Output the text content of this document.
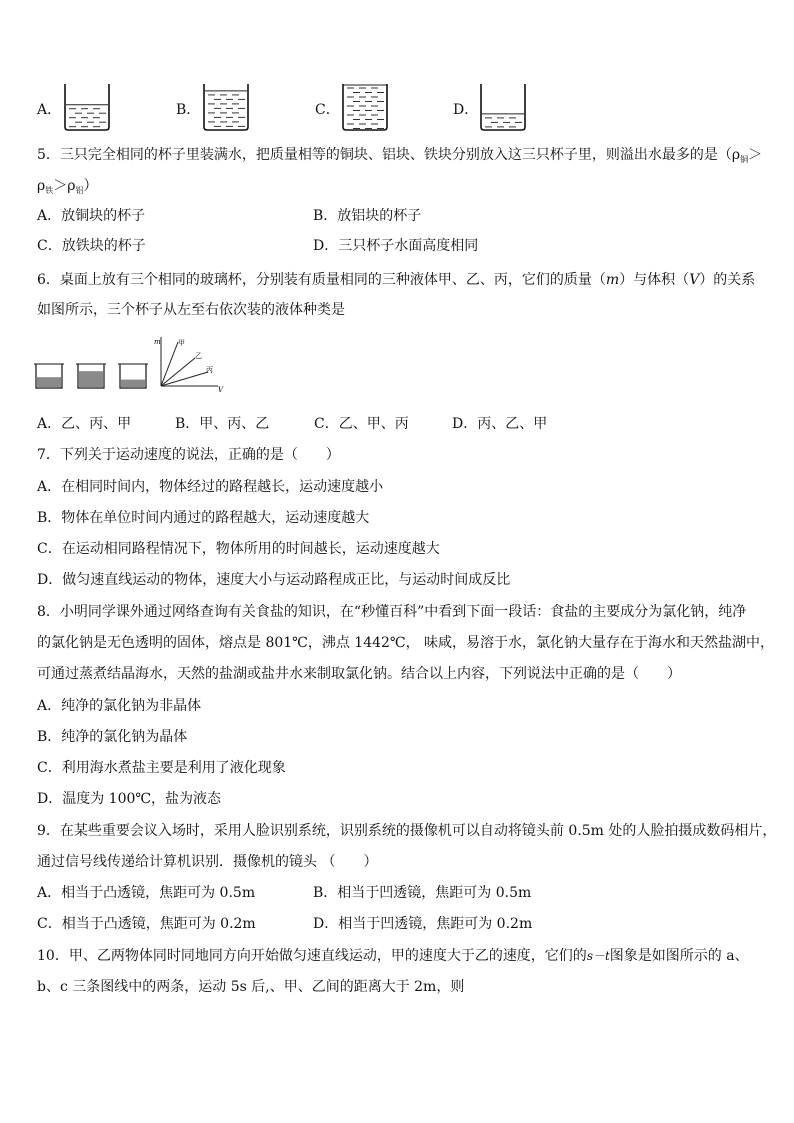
A．	B．	C．	D．
5．三只完全相同的杯子里装满水，把质量相等的铜块、铝块、铁块分别放入这三只杯子里，则溢出水最多的是（$\rho_铜>$
$\rho_铁>\rho_铝$）
A．放铜块的杯子	B．放铝块的杯子
C．放铁块的杯子	D．三只杯子水面高度相同
6．桌面上放有三个相同的玻璃杯，分别装有质量相同的三种液体甲、乙、丙，它们的质量（m）与体积（V）的关系
如图所示，三个杯子从左至右依次装的液体种类是
m
V
甲
乙
丙
A．乙、丙、甲	B．甲、丙、乙	C．乙、甲、丙	D．丙、乙、甲
7．下列关于运动速度的说法，正确的是（　　）
A．在相同时间内，物体经过的路程越长，运动速度越小
B．物体在单位时间内通过的路程越大，运动速度越大
C．在运动相同路程情况下，物体所用的时间越长，运动速度越大
D．做匀速直线运动的物体，速度大小与运动路程成正比，与运动时间成反比
8．小明同学课外通过网络查询有关食盐的知识，在“秒懂百科”中看到下面一段话：食盐的主要成分为氯化钠，纯净
的氯化钠是无色透明的固体，熔点是 801℃，沸点 1442℃， 味咸，易溶于水，氯化钠大量存在于海水和天然盐湖中，
可通过蒸煮结晶海水，天然的盐湖或盐井水来制取氯化钠。结合以上内容，下列说法中正确的是（　　）
A．纯净的氯化钠为非晶体
B．纯净的氯化钠为晶体
C．利用海水煮盐主要是利用了液化现象
D．温度为 100℃，盐为液态
9．在某些重要会议入场时，采用人脸识别系统，识别系统的摄像机可以自动将镜头前 0.5m 处的人脸拍摄成数码相片，
通过信号线传递给计算机识别．摄像机的镜头 （　　）
A．相当于凸透镜，焦距可为 0.5m	B．相当于凹透镜，焦距可为 0.5m
C．相当于凸透镜，焦距可为 0.2m	D．相当于凹透镜，焦距可为 0.2m
10．甲、乙两物体同时同地同方向开始做匀速直线运动，甲的速度大于乙的速度，它们的s－t图象是如图所示的 a、
b、c 三条图线中的两条，运动 5s 后,、甲、乙间的距离大于 2m，则
